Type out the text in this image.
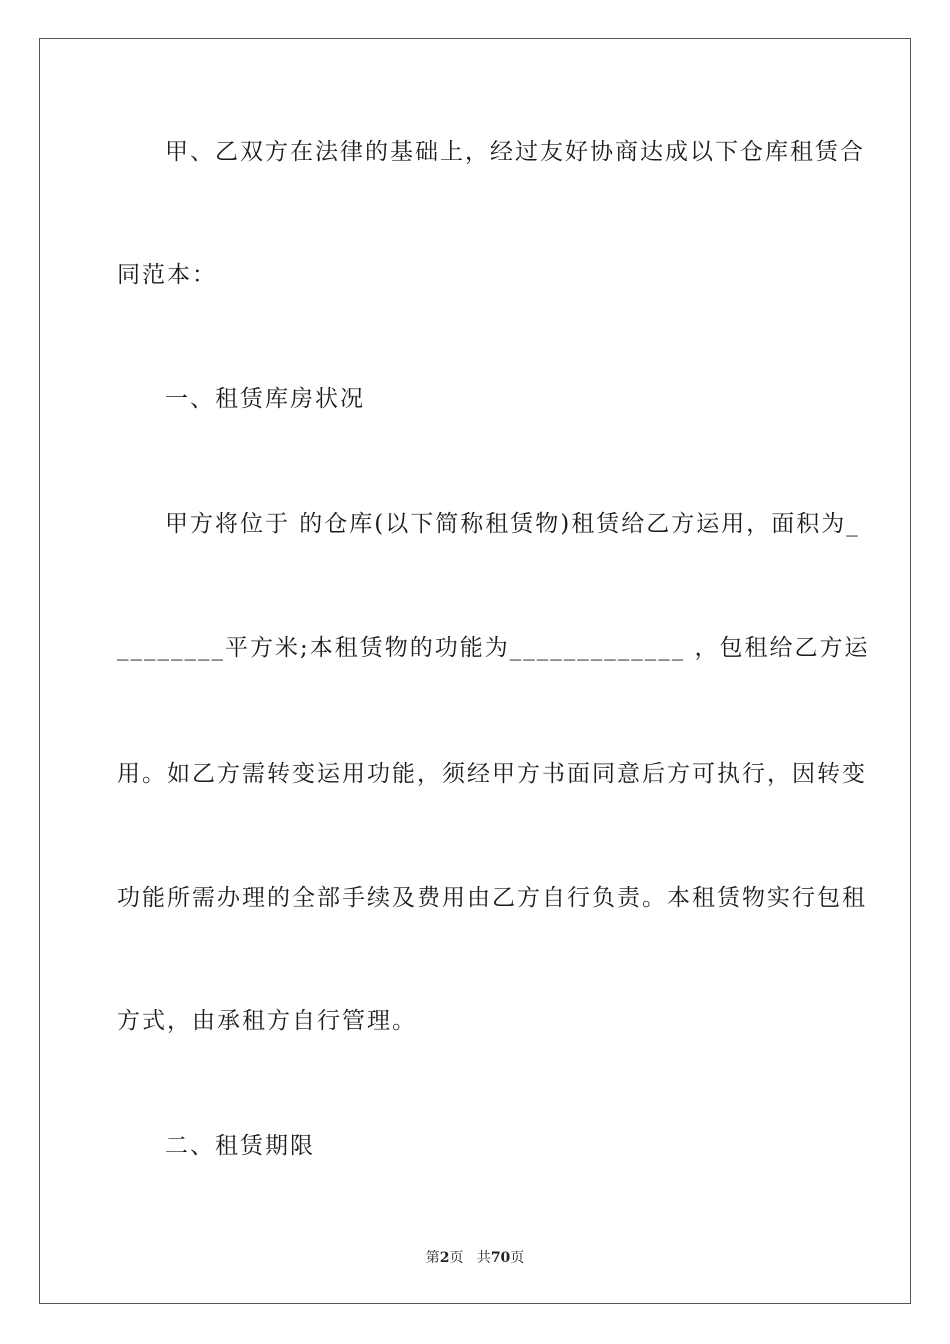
甲、乙双方在法律的基础上，经过友好协商达成以下仓库租赁合
同范本：
一、租赁库房状况
甲方将位于 的仓库(以下简称租赁物)租赁给乙方运用，面积为_
________平方米;本租赁物的功能为_____________ ，包租给乙方运
用。如乙方需转变运用功能，须经甲方书面同意后方可执行，因转变
功能所需办理的全部手续及费用由乙方自行负责。本租赁物实行包租
方式，由承租方自行管理。
二、租赁期限
第2页 共70页
